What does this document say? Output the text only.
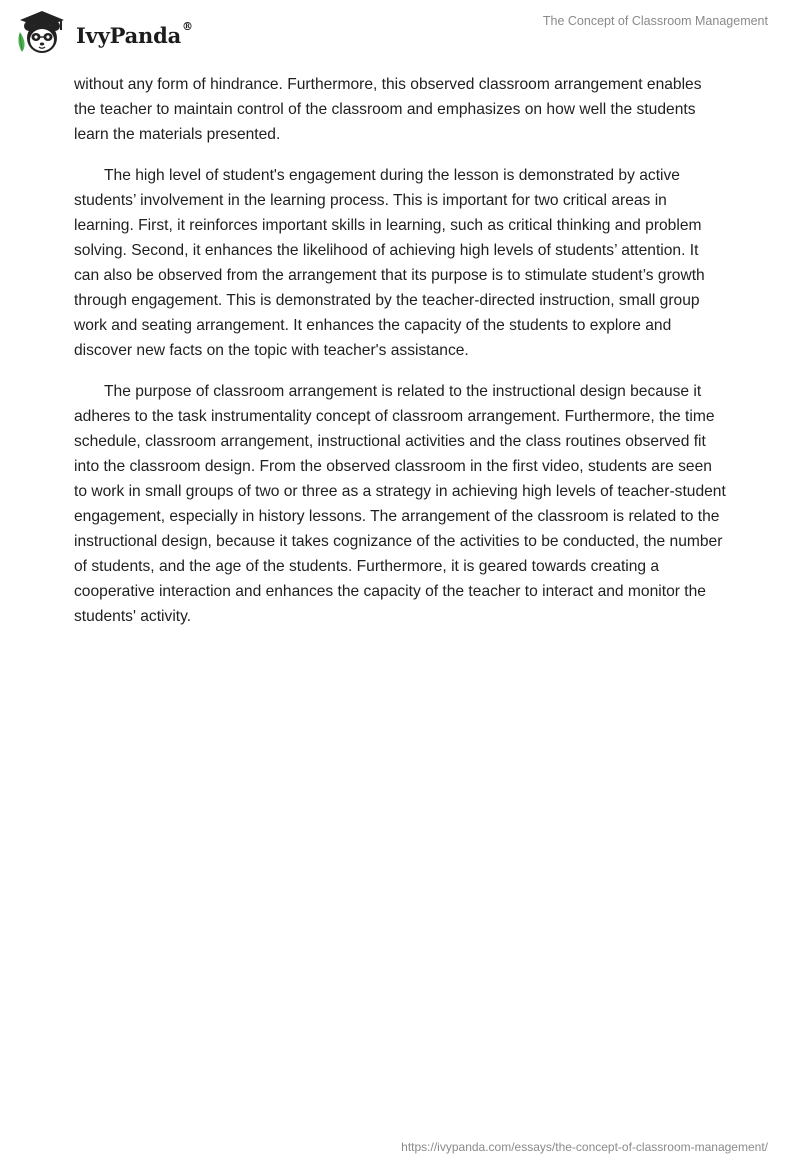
IvyPanda®	The Concept of Classroom Management

without any form of hindrance. Furthermore, this observed classroom arrangement enables the teacher to maintain control of the classroom and emphasizes on how well the students learn the materials presented.

The high level of student's engagement during the lesson is demonstrated by active students’ involvement in the learning process. This is important for two critical areas in learning. First, it reinforces important skills in learning, such as critical thinking and problem solving. Second, it enhances the likelihood of achieving high levels of students’ attention. It can also be observed from the arrangement that its purpose is to stimulate student’s growth through engagement. This is demonstrated by the teacher-directed instruction, small group work and seating arrangement. It enhances the capacity of the students to explore and discover new facts on the topic with teacher's assistance.

The purpose of classroom arrangement is related to the instructional design because it adheres to the task instrumentality concept of classroom arrangement. Furthermore, the time schedule, classroom arrangement, instructional activities and the class routines observed fit into the classroom design. From the observed classroom in the first video, students are seen to work in small groups of two or three as a strategy in achieving high levels of teacher-student engagement, especially in history lessons. The arrangement of the classroom is related to the instructional design, because it takes cognizance of the activities to be conducted, the number of students, and the age of the students. Furthermore, it is geared towards creating a cooperative interaction and enhances the capacity of the teacher to interact and monitor the students' activity.

https://ivypanda.com/essays/the-concept-of-classroom-management/
